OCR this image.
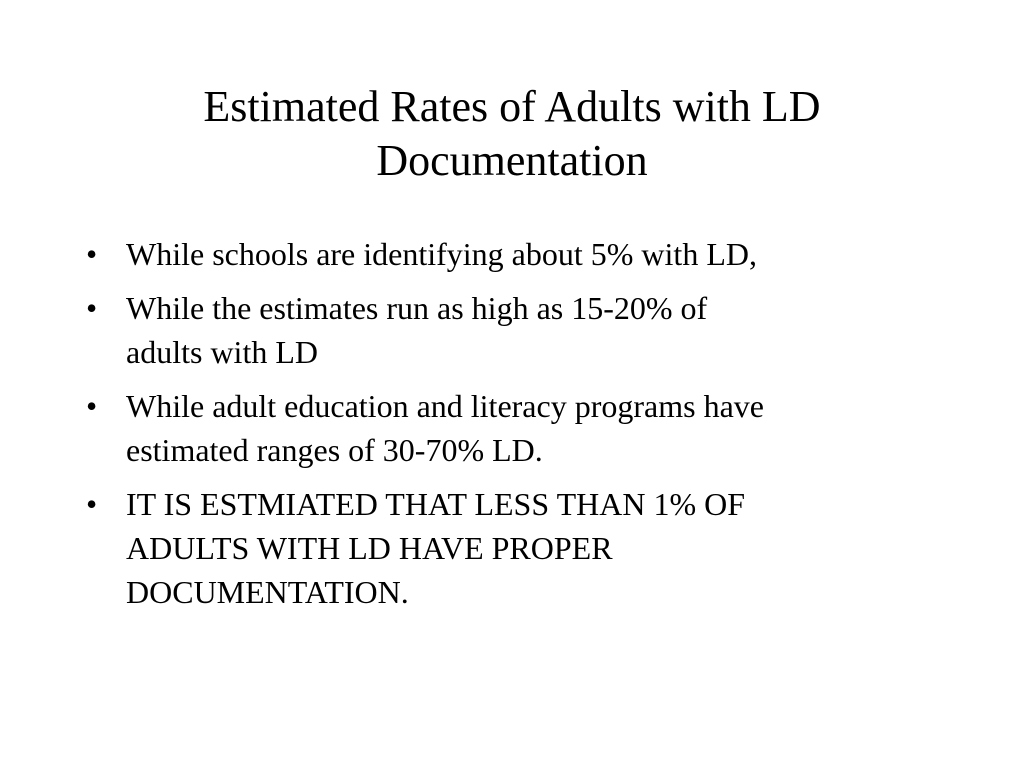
Estimated Rates of Adults with LD
Documentation
• While schools are identifying about 5% with LD,
• While the estimates run as high as 15-20% of
adults with LD
• While adult education and literacy programs have
estimated ranges of 30-70% LD.
• IT IS ESTMIATED THAT LESS THAN 1% OF
ADULTS WITH LD HAVE PROPER
DOCUMENTATION.
